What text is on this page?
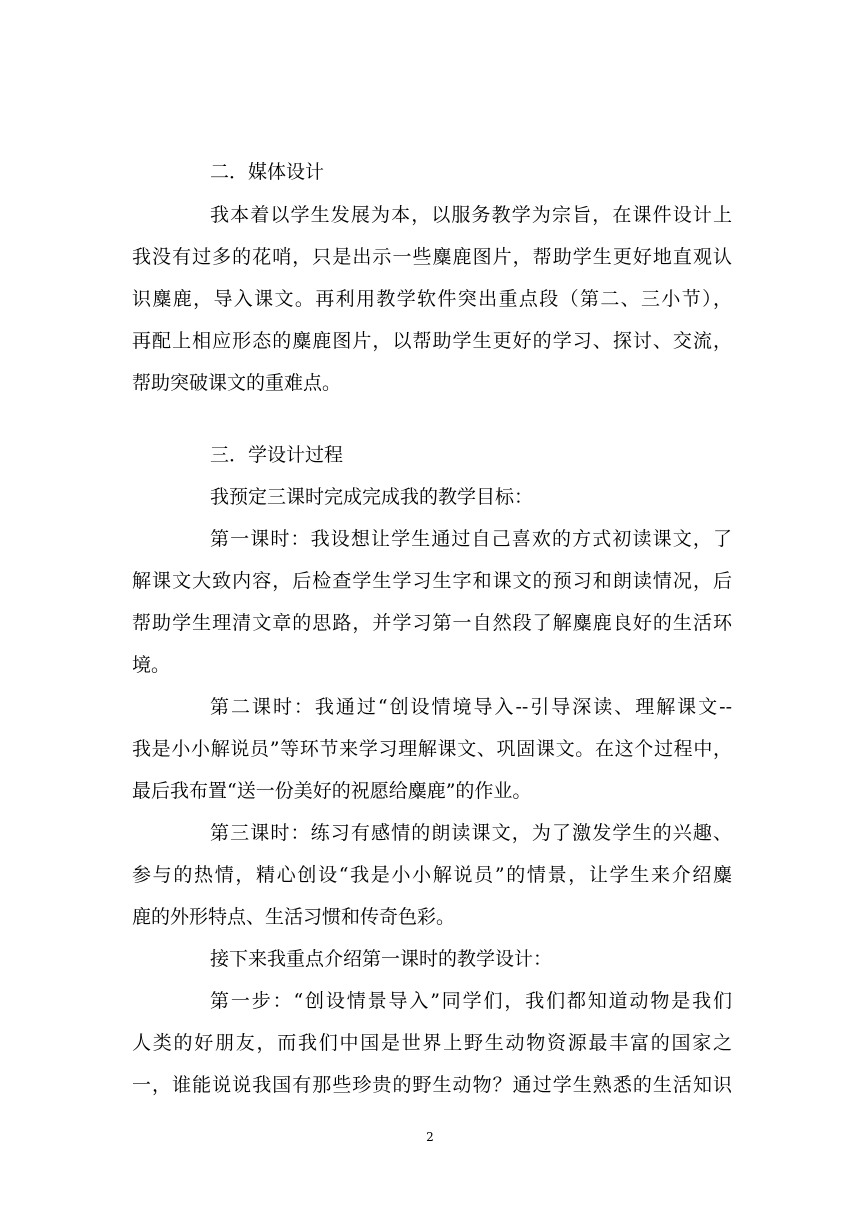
二．媒体设计
我本着以学生发展为本，以服务教学为宗旨，在课件设计上
我没有过多的花哨，只是出示一些麋鹿图片，帮助学生更好地直观认
识麋鹿，导入课文。再利用教学软件突出重点段（第二、三小节），
再配上相应形态的麋鹿图片，以帮助学生更好的学习、探讨、交流，
帮助突破课文的重难点。
三．学设计过程
我预定三课时完成完成我的教学目标：
第一课时：我设想让学生通过自己喜欢的方式初读课文，了
解课文大致内容，后检查学生学习生字和课文的预习和朗读情况，后
帮助学生理清文章的思路，并学习第一自然段了解麋鹿良好的生活环
境。
第二课时：我通过“创设情境导入--引导深读、理解课文--
我是小小解说员”等环节来学习理解课文、巩固课文。在这个过程中，
最后我布置“送一份美好的祝愿给麋鹿”的作业。
第三课时：练习有感情的朗读课文，为了激发学生的兴趣、
参与的热情，精心创设“我是小小解说员”的情景，让学生来介绍麋
鹿的外形特点、生活习惯和传奇色彩。
接下来我重点介绍第一课时的教学设计：
第一步：“创设情景导入”同学们，我们都知道动物是我们
人类的好朋友，而我们中国是世界上野生动物资源最丰富的国家之
一，谁能说说我国有那些珍贵的野生动物？通过学生熟悉的生活知识
2
